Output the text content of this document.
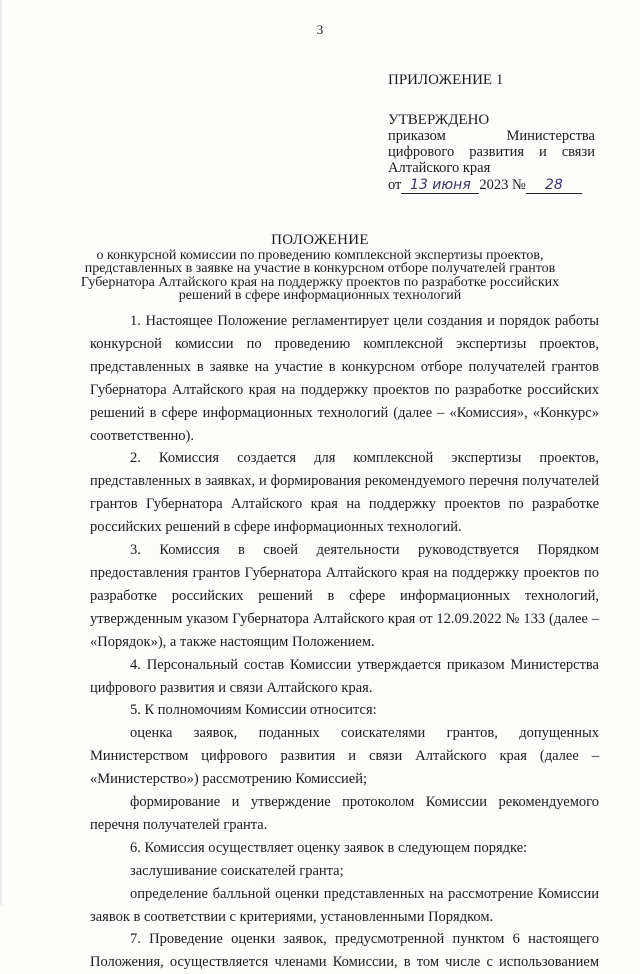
3
ПРИЛОЖЕНИЕ 1
УТВЕРЖДЕНО
приказом	Министерства
цифрового развития и связи
Алтайского края
от 13 июня 2023 №	28
ПОЛОЖЕНИЕ
о конкурсной комиссии по проведению комплексной экспертизы проектов, представленных в заявке на участие в конкурсном отборе получателей грантов Губернатора Алтайского края на поддержку проектов по разработке российских решений в сфере информационных технологий

1. Настоящее Положение регламентирует цели создания и порядок работы конкурсной комиссии по проведению комплексной экспертизы проектов, представленных в заявке на участие в конкурсном отборе получателей грантов Губернатора Алтайского края на поддержку проектов по разработке российских решений в сфере информационных технологий (далее – «Комиссия», «Конкурс» соответственно).

2. Комиссия создается для комплексной экспертизы проектов, представленных в заявках, и формирования рекомендуемого перечня получателей грантов Губернатора Алтайского края на поддержку проектов по разработке российских решений в сфере информационных технологий.

3. Комиссия в своей деятельности руководствуется Порядком предоставления грантов Губернатора Алтайского края на поддержку проектов по разработке российских решений в сфере информационных технологий, утвержденным указом Губернатора Алтайского края от 12.09.2022 № 133 (далее – «Порядок»), а также настоящим Положением.

4. Персональный состав Комиссии утверждается приказом Министерства цифрового развития и связи Алтайского края.

5. К полномочиям Комиссии относится:

оценка заявок, поданных соискателями грантов, допущенных Министерством цифрового развития и связи Алтайского края (далее – «Министерство») рассмотрению Комиссией;

формирование и утверждение протоколом Комиссии рекомендуемого перечня получателей гранта.

6. Комиссия осуществляет оценку заявок в следующем порядке:

заслушивание соискателей гранта;

определение балльной оценки представленных на рассмотрение Комиссии заявок в соответствии с критериями, установленными Порядком.

7. Проведение оценки заявок, предусмотренной пунктом 6 настоящего Положения, осуществляется членами Комиссии, в том числе с использованием
